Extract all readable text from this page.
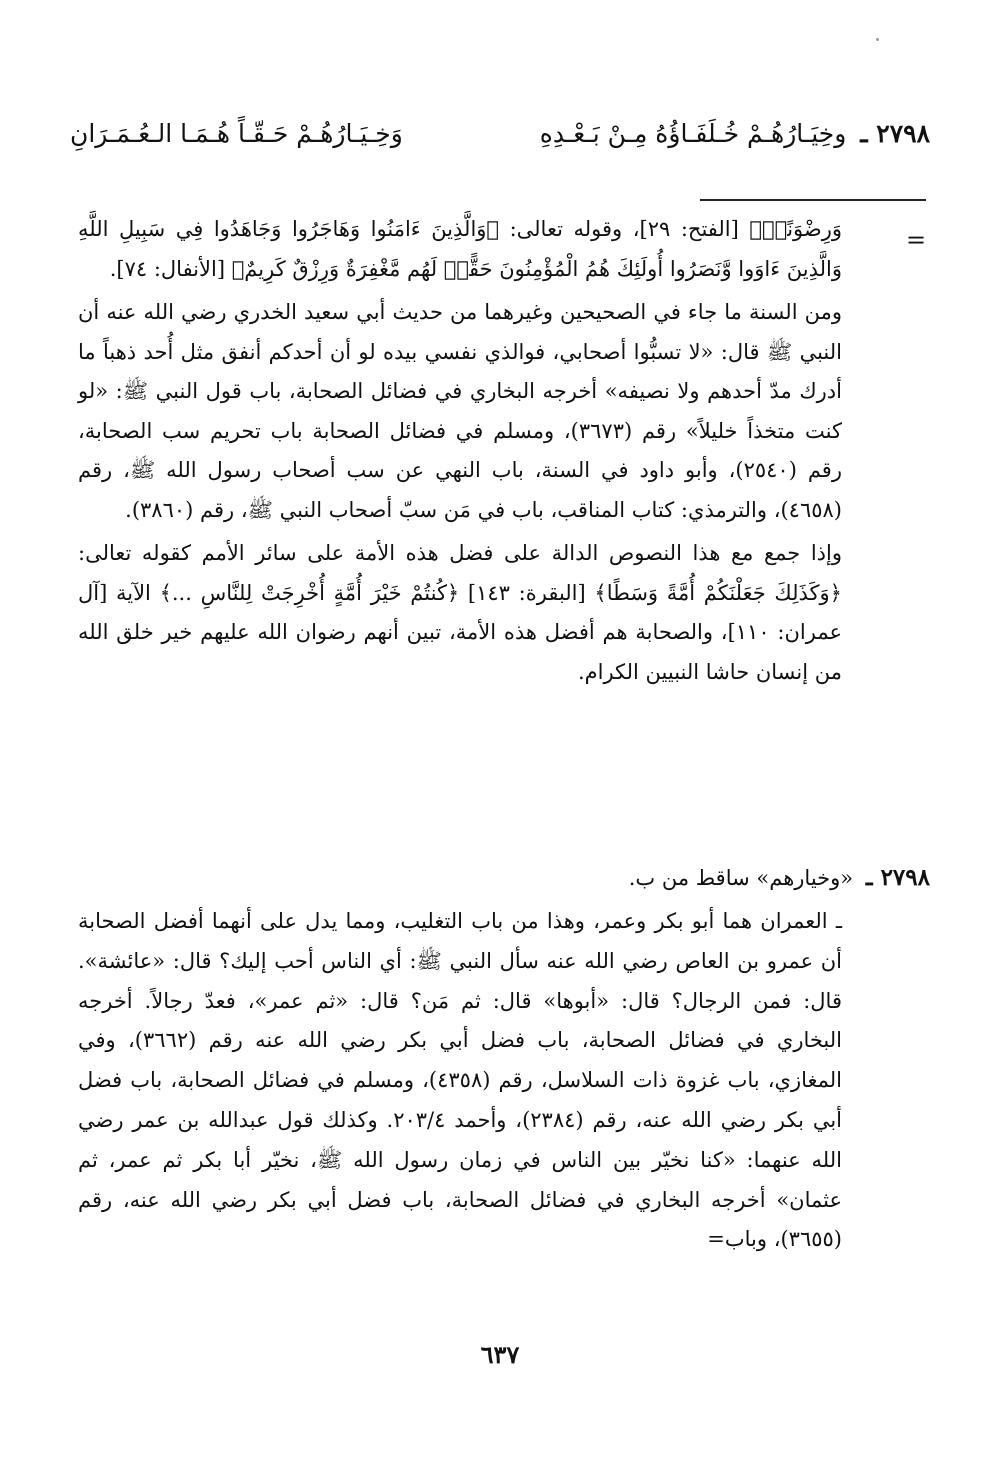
٢٧٩٨ ـ وخِيَـارُهُـمْ خُـلَفَـاؤُهُ مِـنْ بَـعْـدِهِ
وَخِـيَـارُهُـمْ حَـقّـاً هُـمَـا الـعُـمَـرَانِ
=

وَرِضْوَنًاۚ﴾ [الفتح: ٢٩]، وقوله تعالى: ﴿وَالَّذِينَ ءَامَنُوا وَهَاجَرُوا وَجَاهَدُوا فِي سَبِيلِ اللَّهِ وَالَّذِينَ ءَاوَوا وَّنَصَرُوا أُولَئِكَ هُمُ الْمُؤْمِنُونَ حَقًّاۚ لَهُم مَّغْفِرَةٌ وَرِزْقٌ كَرِيمٌ﴾ [الأنفال: ٧٤].

ومن السنة ما جاء في الصحيحين وغيرهما من حديث أبي سعيد الخدري رضي الله عنه أن النبي ﷺ قال: «لا تسبُّوا أصحابي، فوالذي نفسي بيده لو أن أحدكم أنفق مثل أُحد ذهباً ما أدرك مدّ أحدهم ولا نصيفه» أخرجه البخاري في فضائل الصحابة، باب قول النبي ﷺ: «لو كنت متخذاً خليلاً» رقم (٣٦٧٣)، ومسلم في فضائل الصحابة باب تحريم سب الصحابة، رقم (٢٥٤٠)، وأبو داود في السنة، باب النهي عن سب أصحاب رسول الله ﷺ، رقم (٤٦٥٨)، والترمذي: كتاب المناقب، باب في مَن سبّ أصحاب النبي ﷺ، رقم (٣٨٦٠).

وإذا جمع مع هذا النصوص الدالة على فضل هذه الأمة على سائر الأمم كقوله تعالى: ﴿وَكَذَلِكَ جَعَلْنَكُمْ أُمَّةً وَسَطًا﴾ [البقرة: ١٤٣] ﴿كُنتُمْ خَيْرَ أُمَّةٍ أُخْرِجَتْ لِلنَّاسِ ...﴾ الآية [آل عمران: ١١٠]، والصحابة هم أفضل هذه الأمة، تبين أنهم رضوان الله عليهم خير خلق الله من إنسان حاشا النبيين الكرام.

٢٧٩٨ ـ «وخيارهم» ساقط من ب.

ـ العمران هما أبو بكر وعمر، وهذا من باب التغليب، ومما يدل على أنهما أفضل الصحابة أن عمرو بن العاص رضي الله عنه سأل النبي ﷺ: أي الناس أحب إليك؟ قال: «عائشة». قال: فمن الرجال؟ قال: «أبوها» قال: ثم مَن؟ قال: «ثم عمر»، فعدّ رجالاً. أخرجه البخاري في فضائل الصحابة، باب فضل أبي بكر رضي الله عنه رقم (٣٦٦٢)، وفي المغازي، باب غزوة ذات السلاسل، رقم (٤٣٥٨)، ومسلم في فضائل الصحابة، باب فضل أبي بكر رضي الله عنه، رقم (٢٣٨٤)، وأحمد ٢٠٣/٤. وكذلك قول عبدالله بن عمر رضي الله عنهما: «كنا نخيّر بين الناس في زمان رسول الله ﷺ، نخيّر أبا بكر ثم عمر، ثم عثمان» أخرجه البخاري في فضائل الصحابة، باب فضل أبي بكر رضي الله عنه، رقم (٣٦٥٥)، وباب=

٦٣٧
